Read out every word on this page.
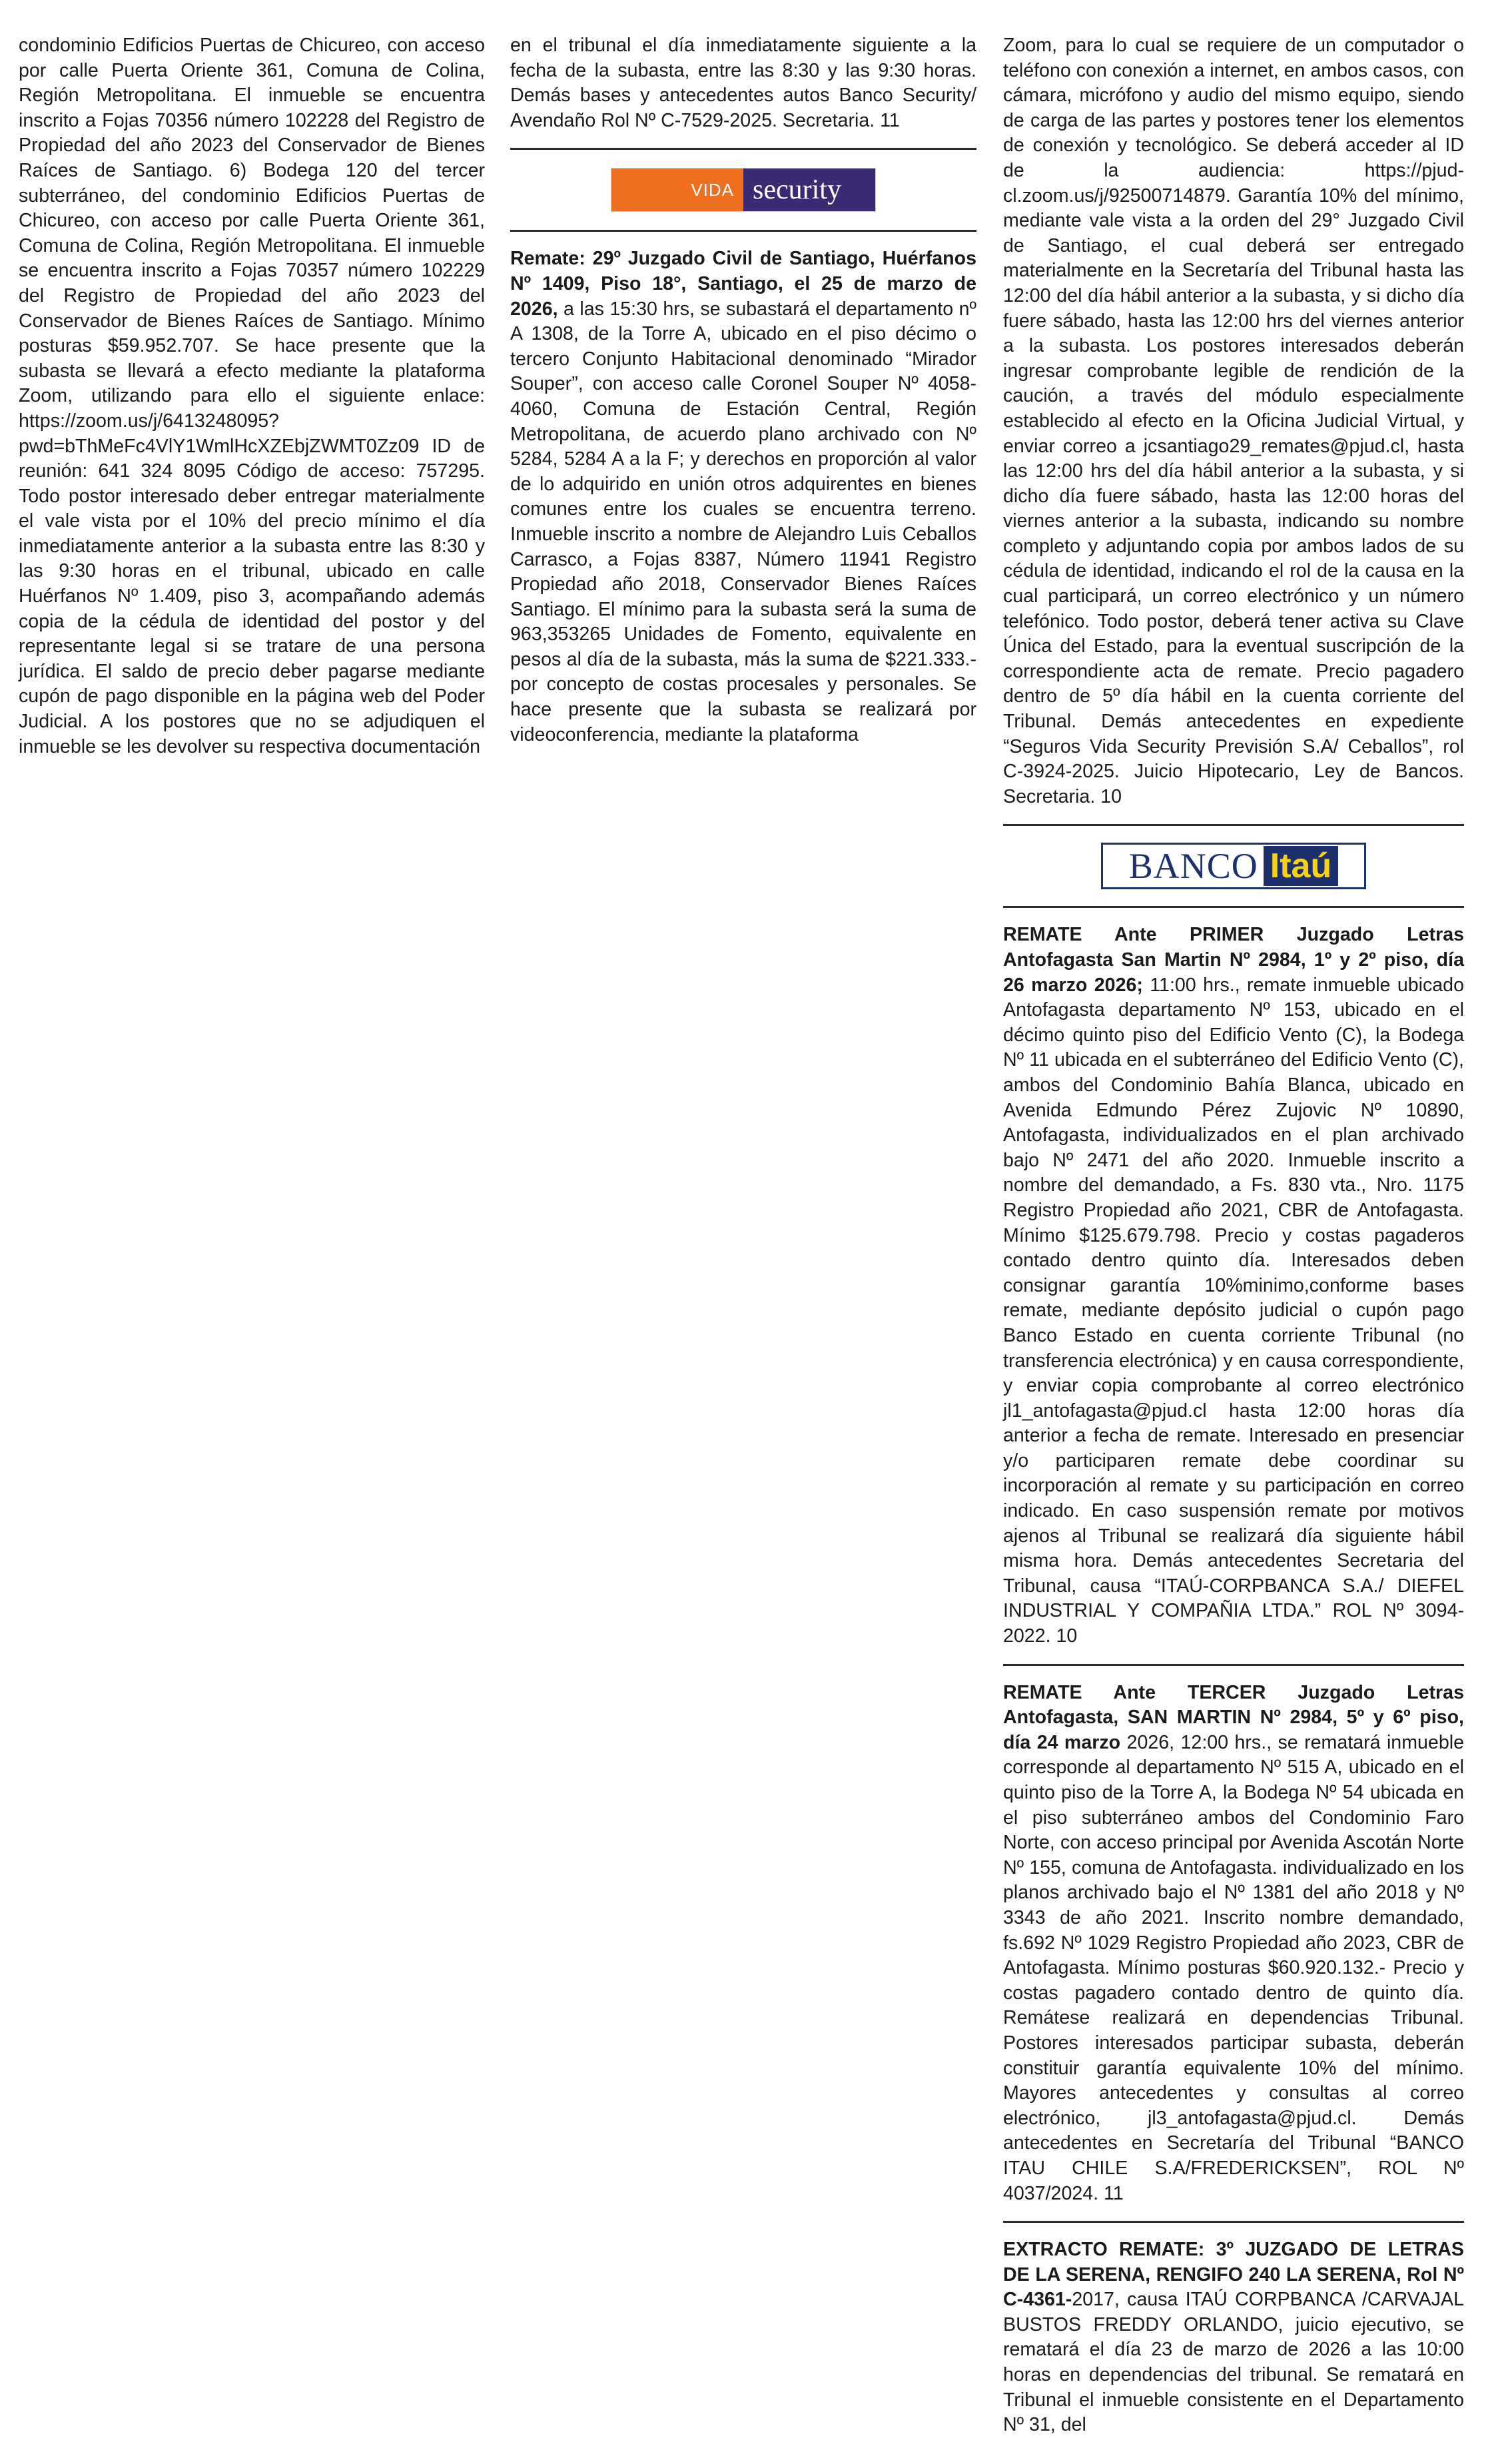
condominio Edificios Puertas de Chicureo, con acceso por calle Puerta Oriente 361, Comuna de Colina, Región Metropolitana. El inmueble se encuentra inscrito a Fojas 70356 número 102228 del Registro de Propiedad del año 2023 del Conservador de Bienes Raíces de Santiago. 6) Bodega 120 del tercer subterráneo, del condominio Edificios Puertas de Chicureo, con acceso por calle Puerta Oriente 361, Comuna de Colina, Región Metropolitana. El inmueble se encuentra inscrito a Fojas 70357 número 102229 del Registro de Propiedad del año 2023 del Conservador de Bienes Raíces de Santiago. Mínimo posturas $59.952.707. Se hace presente que la subasta se llevará a efecto mediante la plataforma Zoom, utilizando para ello el siguiente enlace: https://zoom.us/j/6413248095?pwd=bThMeFc4VlY1WmlHcXZEbjZWMT0Zz09 ID de reunión: 641 324 8095 Código de acceso: 757295. Todo postor interesado deber entregar materialmente el vale vista por el 10% del precio mínimo el día inmediatamente anterior a la subasta entre las 8:30 y las 9:30 horas en el tribunal, ubicado en calle Huérfanos Nº 1.409, piso 3, acompañando además copia de la cédula de identidad del postor y del representante legal si se tratare de una persona jurídica. El saldo de precio deber pagarse mediante cupón de pago disponible en la página web del Poder Judicial. A los postores que no se adjudiquen el inmueble se les devolver su respectiva documentación

en el tribunal el día inmediatamente siguiente a la fecha de la subasta, entre las 8:30 y las 9:30 horas. Demás bases y antecedentes autos Banco Security/ Avendaño Rol Nº C-7529-2025. Secretaria. 11

VIDA security

Remate: 29º Juzgado Civil de Santiago, Huérfanos Nº 1409, Piso 18°, Santiago, el 25 de marzo de 2026, a las 15:30 hrs, se subastará el departamento nº A 1308, de la Torre A, ubicado en el piso décimo o tercero Conjunto Habitacional denominado “Mirador Souper”, con acceso calle Coronel Souper Nº 4058-4060, Comuna de Estación Central, Región Metropolitana, de acuerdo plano archivado con Nº 5284, 5284 A a la F; y derechos en proporción al valor de lo adquirido en unión otros adquirentes en bienes comunes entre los cuales se encuentra terreno. Inmueble inscrito a nombre de Alejandro Luis Ceballos Carrasco, a Fojas 8387, Número 11941 Registro Propiedad año 2018, Conservador Bienes Raíces Santiago. El mínimo para la subasta será la suma de 963,353265 Unidades de Fomento, equivalente en pesos al día de la subasta, más la suma de $221.333.- por concepto de costas procesales y personales. Se hace presente que la subasta se realizará por videoconferencia, mediante la plataforma

Zoom, para lo cual se requiere de un computador o teléfono con conexión a internet, en ambos casos, con cámara, micrófono y audio del mismo equipo, siendo de carga de las partes y postores tener los elementos de conexión y tecnológico. Se deberá acceder al ID de la audiencia: https://pjud-cl.zoom.us/j/92500714879. Garantía 10% del mínimo, mediante vale vista a la orden del 29° Juzgado Civil de Santiago, el cual deberá ser entregado materialmente en la Secretaría del Tribunal hasta las 12:00 del día hábil anterior a la subasta, y si dicho día fuere sábado, hasta las 12:00 hrs del viernes anterior a la subasta. Los postores interesados deberán ingresar comprobante legible de rendición de la caución, a través del módulo especialmente establecido al efecto en la Oficina Judicial Virtual, y enviar correo a jcsantiago29_remates@pjud.cl, hasta las 12:00 hrs del día hábil anterior a la subasta, y si dicho día fuere sábado, hasta las 12:00 horas del viernes anterior a la subasta, indicando su nombre completo y adjuntando copia por ambos lados de su cédula de identidad, indicando el rol de la causa en la cual participará, un correo electrónico y un número telefónico. Todo postor, deberá tener activa su Clave Única del Estado, para la eventual suscripción de la correspondiente acta de remate. Precio pagadero dentro de 5º día hábil en la cuenta corriente del Tribunal. Demás antecedentes en expediente “Seguros Vida Security Previsión S.A/ Ceballos”, rol C-3924-2025. Juicio Hipotecario, Ley de Bancos. Secretaria. 10

BANCO Itaú

REMATE Ante PRIMER Juzgado Letras Antofagasta San Martin Nº 2984, 1º y 2º piso, día 26 marzo 2026; 11:00 hrs., remate inmueble ubicado Antofagasta departamento Nº 153, ubicado en el décimo quinto piso del Edificio Vento (C), la Bodega Nº 11 ubicada en el subterráneo del Edificio Vento (C), ambos del Condominio Bahía Blanca, ubicado en Avenida Edmundo Pérez Zujovic Nº 10890, Antofagasta, individualizados en el plan archivado bajo Nº 2471 del año 2020. Inmueble inscrito a nombre del demandado, a Fs. 830 vta., Nro. 1175 Registro Propiedad año 2021, CBR de Antofagasta. Mínimo $125.679.798. Precio y costas pagaderos contado dentro quinto día. Interesados deben consignar garantía 10%minimo,conforme bases remate, mediante depósito judicial o cupón pago Banco Estado en cuenta corriente Tribunal (no transferencia electrónica) y en causa correspondiente, y enviar copia comprobante al correo electrónico jl1_antofagasta@pjud.cl hasta 12:00 horas día anterior a fecha de remate. Interesado en presenciar y/o participaren remate debe coordinar su incorporación al remate y su participación en correo indicado. En caso suspensión remate por motivos ajenos al Tribunal se realizará día siguiente hábil misma hora. Demás antecedentes Secretaria del Tribunal, causa “ITAÚ-CORPBANCA S.A./ DIEFEL INDUSTRIAL Y COMPAÑIA LTDA.” ROL Nº 3094-2022. 10

REMATE Ante TERCER Juzgado Letras Antofagasta, SAN MARTIN Nº 2984, 5º y 6º piso, día 24 marzo 2026, 12:00 hrs., se rematará inmueble corresponde al departamento Nº 515 A, ubicado en el quinto piso de la Torre A, la Bodega Nº 54 ubicada en el piso subterráneo ambos del Condominio Faro Norte, con acceso principal por Avenida Ascotán Norte Nº 155, comuna de Antofagasta. individualizado en los planos archivado bajo el Nº 1381 del año 2018 y Nº 3343 de año 2021. Inscrito nombre demandado, fs.692 Nº 1029 Registro Propiedad año 2023, CBR de Antofagasta. Mínimo posturas $60.920.132.- Precio y costas pagadero contado dentro de quinto día. Remátese realizará en dependencias Tribunal. Postores interesados participar subasta, deberán constituir garantía equivalente 10% del mínimo. Mayores antecedentes y consultas al correo electrónico, jl3_antofagasta@pjud.cl. Demás antecedentes en Secretaría del Tribunal “BANCO ITAU CHILE S.A/FREDERICKSEN”, ROL Nº 4037/2024. 11

EXTRACTO REMATE: 3º JUZGADO DE LETRAS DE LA SERENA, RENGIFO 240 LA SERENA, Rol Nº C-4361-2017, causa ITAÚ CORPBANCA /CARVAJAL BUSTOS FREDDY ORLANDO, juicio ejecutivo, se rematará el día 23 de marzo de 2026 a las 10:00 horas en dependencias del tribunal. Se rematará en Tribunal el inmueble consistente en el Departamento Nº 31, del
